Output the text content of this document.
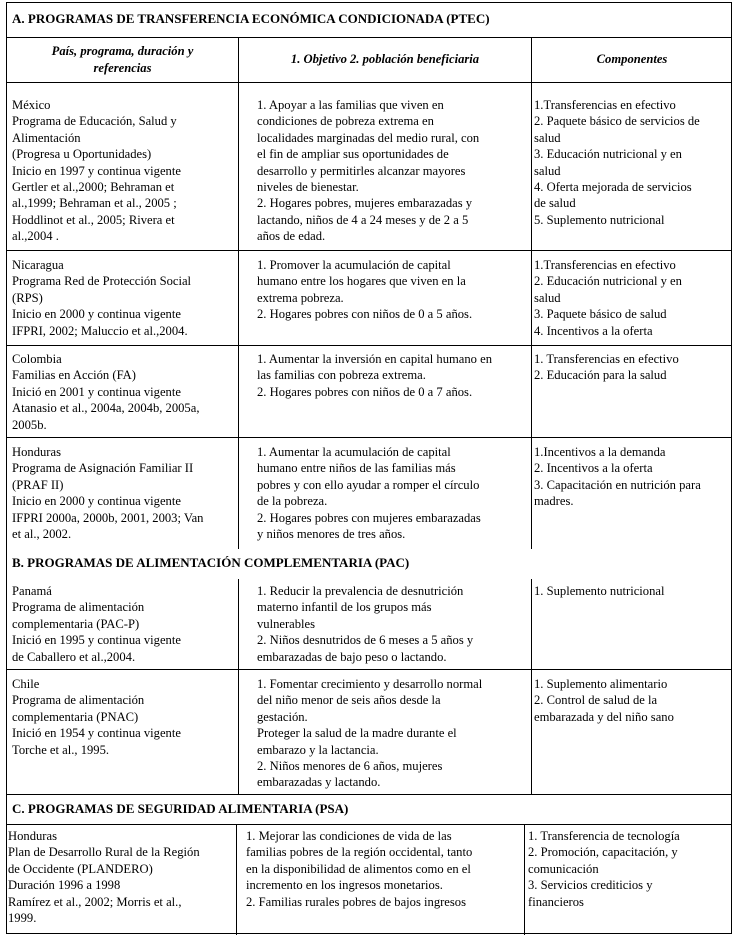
A. PROGRAMAS DE TRANSFERENCIA ECONÓMICA CONDICIONADA (PTEC)
País, programa, duración y
referencias
1. Objetivo 2. población beneficiaria	Componentes
México
Programa de Educación, Salud y
Alimentación
(Progresa u Oportunidades)
Inicio en 1997 y continua vigente
Gertler et al.,2000; Behraman et
al.,1999; Behraman et al., 2005 ;
Hoddlinot et al., 2005; Rivera et
al.,2004 .
1. Apoyar a las familias que viven en
condiciones de pobreza extrema en
localidades marginadas del medio rural, con
el fin de ampliar sus oportunidades de
desarrollo y permitirles alcanzar mayores
niveles de bienestar.
2. Hogares pobres, mujeres embarazadas y
lactando, niños de 4 a 24 meses y de 2 a 5
años de edad.
1.Transferencias en efectivo
2. Paquete básico de servicios de
salud
3. Educación nutricional y en
salud
4. Oferta mejorada de servicios
de salud
5. Suplemento nutricional
Nicaragua
Programa Red de Protección Social
(RPS)
Inicio en 2000 y continua vigente
IFPRI, 2002; Maluccio et al.,2004.
1. Promover la acumulación de capital
humano entre los hogares que viven en la
extrema pobreza.
2. Hogares pobres con niños de 0 a 5 años.
1.Transferencias en efectivo
2. Educación nutricional y en
salud
3. Paquete básico de salud
4. Incentivos a la oferta
Colombia
Familias en Acción (FA)
Inició en 2001 y continua vigente
Atanasio et al., 2004a, 2004b, 2005a,
2005b.
1. Aumentar la inversión en capital humano en
las familias con pobreza extrema.
2. Hogares pobres con niños de 0 a 7 años.
1. Transferencias en efectivo
2. Educación para la salud
Honduras
Programa de Asignación Familiar II
(PRAF II)
Inicio en 2000 y continua vigente
IFPRI 2000a, 2000b, 2001, 2003; Van
et al., 2002.
1. Aumentar la acumulación de capital
humano entre niños de las familias más
pobres y con ello ayudar a romper el círculo
de la pobreza.
2. Hogares pobres con mujeres embarazadas
y niños menores de tres años.
1.Incentivos a la demanda
2. Incentivos a la oferta
3. Capacitación en nutrición para
madres.
B. PROGRAMAS DE ALIMENTACIÓN COMPLEMENTARIA (PAC)
Panamá
Programa de alimentación
complementaria (PAC-P)
Inició en 1995 y continua vigente
de Caballero et al.,2004.
1. Reducir la prevalencia de desnutrición
materno infantil de los grupos más
vulnerables
2. Niños desnutridos de 6 meses a 5 años y
embarazadas de bajo peso o lactando.
1. Suplemento nutricional
Chile
Programa de alimentación
complementaria (PNAC)
Inició en 1954 y continua vigente
Torche et al., 1995.
1. Fomentar crecimiento y desarrollo normal
del niño menor de seis años desde la
gestación.
Proteger la salud de la madre durante el
embarazo y la lactancia.
2. Niños menores de 6 años, mujeres
embarazadas y lactando.
1. Suplemento alimentario
2. Control de salud de la
embarazada y del niño sano
C. PROGRAMAS DE SEGURIDAD ALIMENTARIA (PSA)
Honduras
Plan de Desarrollo Rural de la Región
de Occidente (PLANDERO)
Duración 1996 a 1998
Ramírez et al., 2002; Morris et al.,
1999.
1. Mejorar las condiciones de vida de las
familias pobres de la región occidental, tanto
en la disponibilidad de alimentos como en el
incremento en los ingresos monetarios.
2. Familias rurales pobres de bajos ingresos
1. Transferencia de tecnología
2. Promoción, capacitación, y
comunicación
3. Servicios crediticios y
financieros
